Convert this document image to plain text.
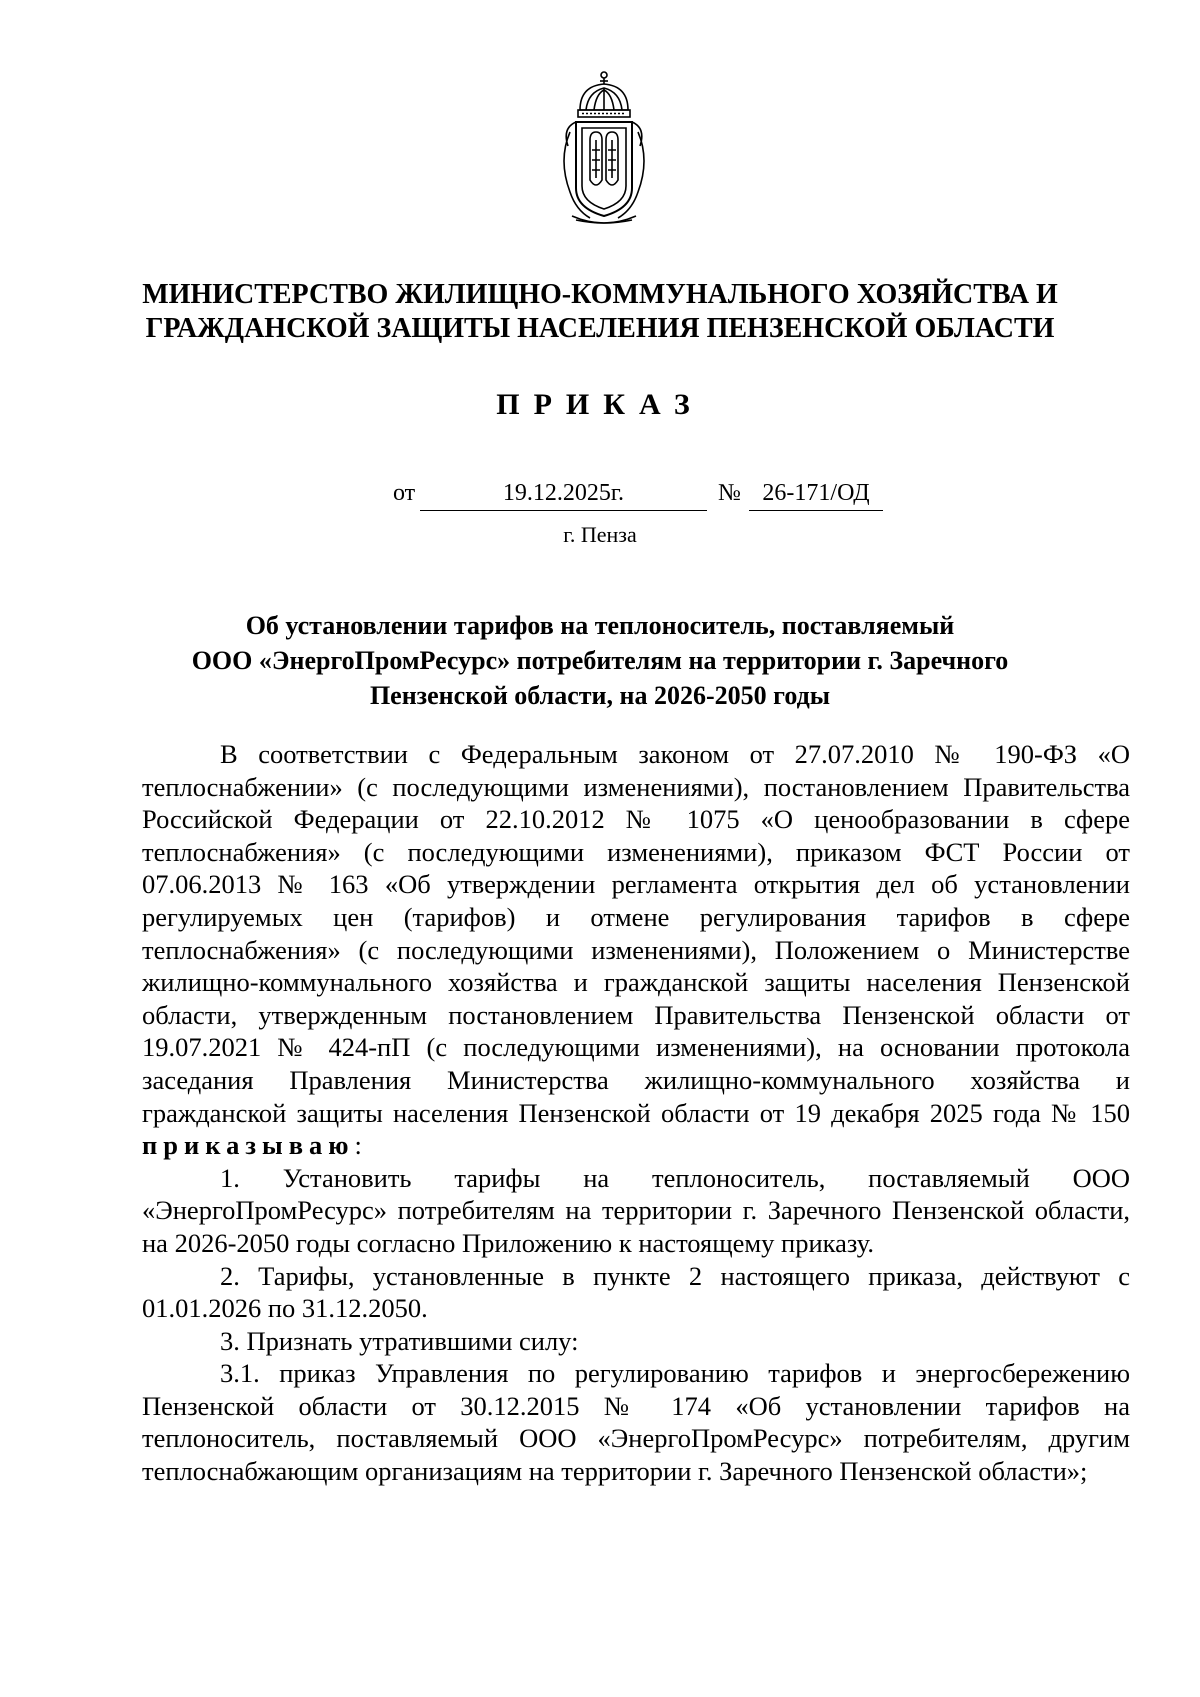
МИНИСТЕРСТВО ЖИЛИЩНО-КОММУНАЛЬНОГО ХОЗЯЙСТВА И
ГРАЖДАНСКОЙ ЗАЩИТЫ НАСЕЛЕНИЯ ПЕНЗЕНСКОЙ ОБЛАСТИ
ПРИКАЗ
от	19.12.2025г.	№ 26-171/ОД
г. Пенза
Об установлении тарифов на теплоноситель, поставляемый
ООО «ЭнергоПромРесурс» потребителям на территории г. Заречного
Пензенской области, на 2026-2050 годы

В соответствии с Федеральным законом от 27.07.2010 № 190-ФЗ «О теплоснабжении» (с последующими изменениями), постановлением Правительства Российской Федерации от 22.10.2012 № 1075 «О ценообразовании в сфере теплоснабжения» (с последующими изменениями), приказом ФСТ России от 07.06.2013 № 163 «Об утверждении регламента открытия дел об установлении регулируемых цен (тарифов) и отмене регулирования тарифов в сфере теплоснабжения» (с последующими изменениями), Положением о Министерстве жилищно-коммунального хозяйства и гражданской защиты населения Пензенской области, утвержденным постановлением Правительства Пензенской области от 19.07.2021 № 424-пП (с последующими изменениями), на основании протокола заседания Правления Министерства жилищно-коммунального хозяйства и гражданской защиты населения Пензенской области от 19 декабря 2025 года № 150 приказываю:

1. Установить тарифы на теплоноситель, поставляемый ООО «ЭнергоПромРесурс» потребителям на территории г. Заречного Пензенской области, на 2026-2050 годы согласно Приложению к настоящему приказу.

2. Тарифы, установленные в пункте 2 настоящего приказа, действуют с 01.01.2026 по 31.12.2050.

3. Признать утратившими силу:

3.1. приказ Управления по регулированию тарифов и энергосбережению Пензенской области от 30.12.2015 № 174 «Об установлении тарифов на теплоноситель, поставляемый ООО «ЭнергоПромРесурс» потребителям, другим теплоснабжающим организациям на территории г. Заречного Пензенской области»;
